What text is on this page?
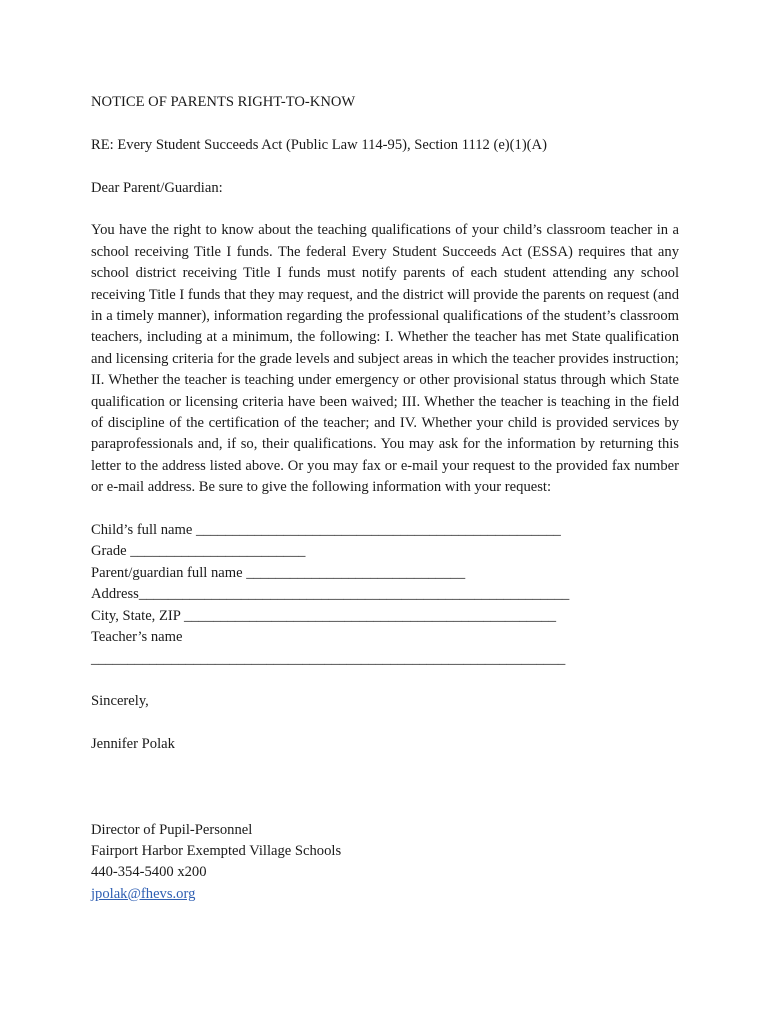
NOTICE OF PARENTS RIGHT-TO-KNOW
RE: Every Student Succeeds Act (Public Law 114-95), Section 1112 (e)(1)(A)
Dear Parent/Guardian:
You have the right to know about the teaching qualifications of your child’s classroom teacher in a school receiving Title I funds. The federal Every Student Succeeds Act (ESSA) requires that any school district receiving Title I funds must notify parents of each student attending any school receiving Title I funds that they may request, and the district will provide the parents on request (and in a timely manner), information regarding the professional qualifications of the student’s classroom teachers, including at a minimum, the following: I. Whether the teacher has met State qualification and licensing criteria for the grade levels and subject areas in which the teacher provides instruction; II. Whether the teacher is teaching under emergency or other provisional status through which State qualification or licensing criteria have been waived; III. Whether the teacher is teaching in the field of discipline of the certification of the teacher; and IV. Whether your child is provided services by paraprofessionals and, if so, their qualifications. You may ask for the information by returning this letter to the address listed above. Or you may fax or e-mail your request to the provided fax number or e-mail address. Be sure to give the following information with your request:
Child’s full name __________________________________________________
Grade ________________________
Parent/guardian full name ______________________________
Address___________________________________________________________
City, State, ZIP ___________________________________________________
Teacher’s name
_________________________________________________________________
Sincerely,
Jennifer Polak
Director of Pupil-Personnel
Fairport Harbor Exempted Village Schools
440-354-5400 x200
jpolak@fhevs.org
